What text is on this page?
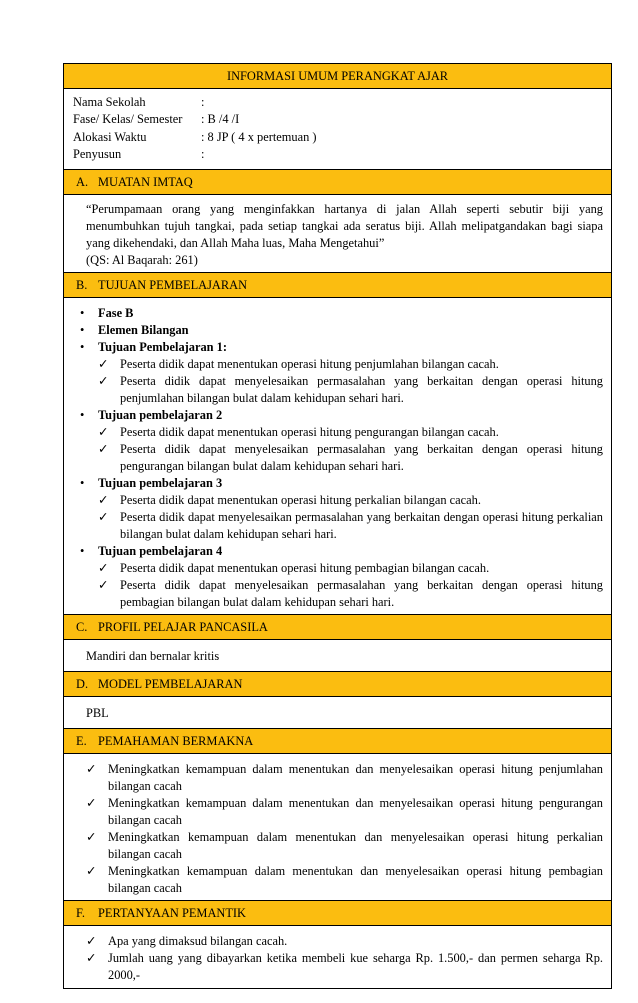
INFORMASI UMUM PERANGKAT AJAR
Nama Sekolah	:
Fase/ Kelas/ Semester	: B /4 /I
Alokasi Waktu	: 8 JP ( 4 x pertemuan )
Penyusun	:
A. MUATAN IMTAQ
“Perumpamaan orang yang menginfakkan hartanya di jalan Allah seperti sebutir biji yang menumbuhkan tujuh tangkai, pada setiap tangkai ada seratus biji. Allah melipatgandakan bagi siapa yang dikehendaki, dan Allah Maha luas, Maha Mengetahui”
(QS: Al Baqarah: 261)
B. TUJUAN PEMBELAJARAN
• Fase B
• Elemen Bilangan
• Tujuan Pembelajaran 1:
✓ Peserta didik dapat menentukan operasi hitung penjumlahan bilangan cacah.
✓ Peserta didik dapat menyelesaikan permasalahan yang berkaitan dengan operasi hitung penjumlahan bilangan bulat dalam kehidupan sehari hari.
• Tujuan pembelajaran 2
✓ Peserta didik dapat menentukan operasi hitung pengurangan bilangan cacah.
✓ Peserta didik dapat menyelesaikan permasalahan yang berkaitan dengan operasi hitung pengurangan bilangan bulat dalam kehidupan sehari hari.
• Tujuan pembelajaran 3
✓ Peserta didik dapat menentukan operasi hitung perkalian bilangan cacah.
✓ Peserta didik dapat menyelesaikan permasalahan yang berkaitan dengan operasi hitung perkalian bilangan bulat dalam kehidupan sehari hari.
• Tujuan pembelajaran 4
✓ Peserta didik dapat menentukan operasi hitung pembagian bilangan cacah.
✓ Peserta didik dapat menyelesaikan permasalahan yang berkaitan dengan operasi hitung pembagian bilangan bulat dalam kehidupan sehari hari.
C. PROFIL PELAJAR PANCASILA
Mandiri dan bernalar kritis
D. MODEL PEMBELAJARAN
PBL
E. PEMAHAMAN BERMAKNA
✓ Meningkatkan kemampuan dalam menentukan dan menyelesaikan operasi hitung penjumlahan bilangan cacah
✓ Meningkatkan kemampuan dalam menentukan dan menyelesaikan operasi hitung pengurangan bilangan cacah
✓ Meningkatkan kemampuan dalam menentukan dan menyelesaikan operasi hitung perkalian bilangan cacah
✓ Meningkatkan kemampuan dalam menentukan dan menyelesaikan operasi hitung pembagian bilangan cacah
F. PERTANYAAN PEMANTIK
✓ Apa yang dimaksud bilangan cacah.
✓ Jumlah uang yang dibayarkan ketika membeli kue seharga Rp. 1.500,- dan permen seharga Rp. 2000,-
